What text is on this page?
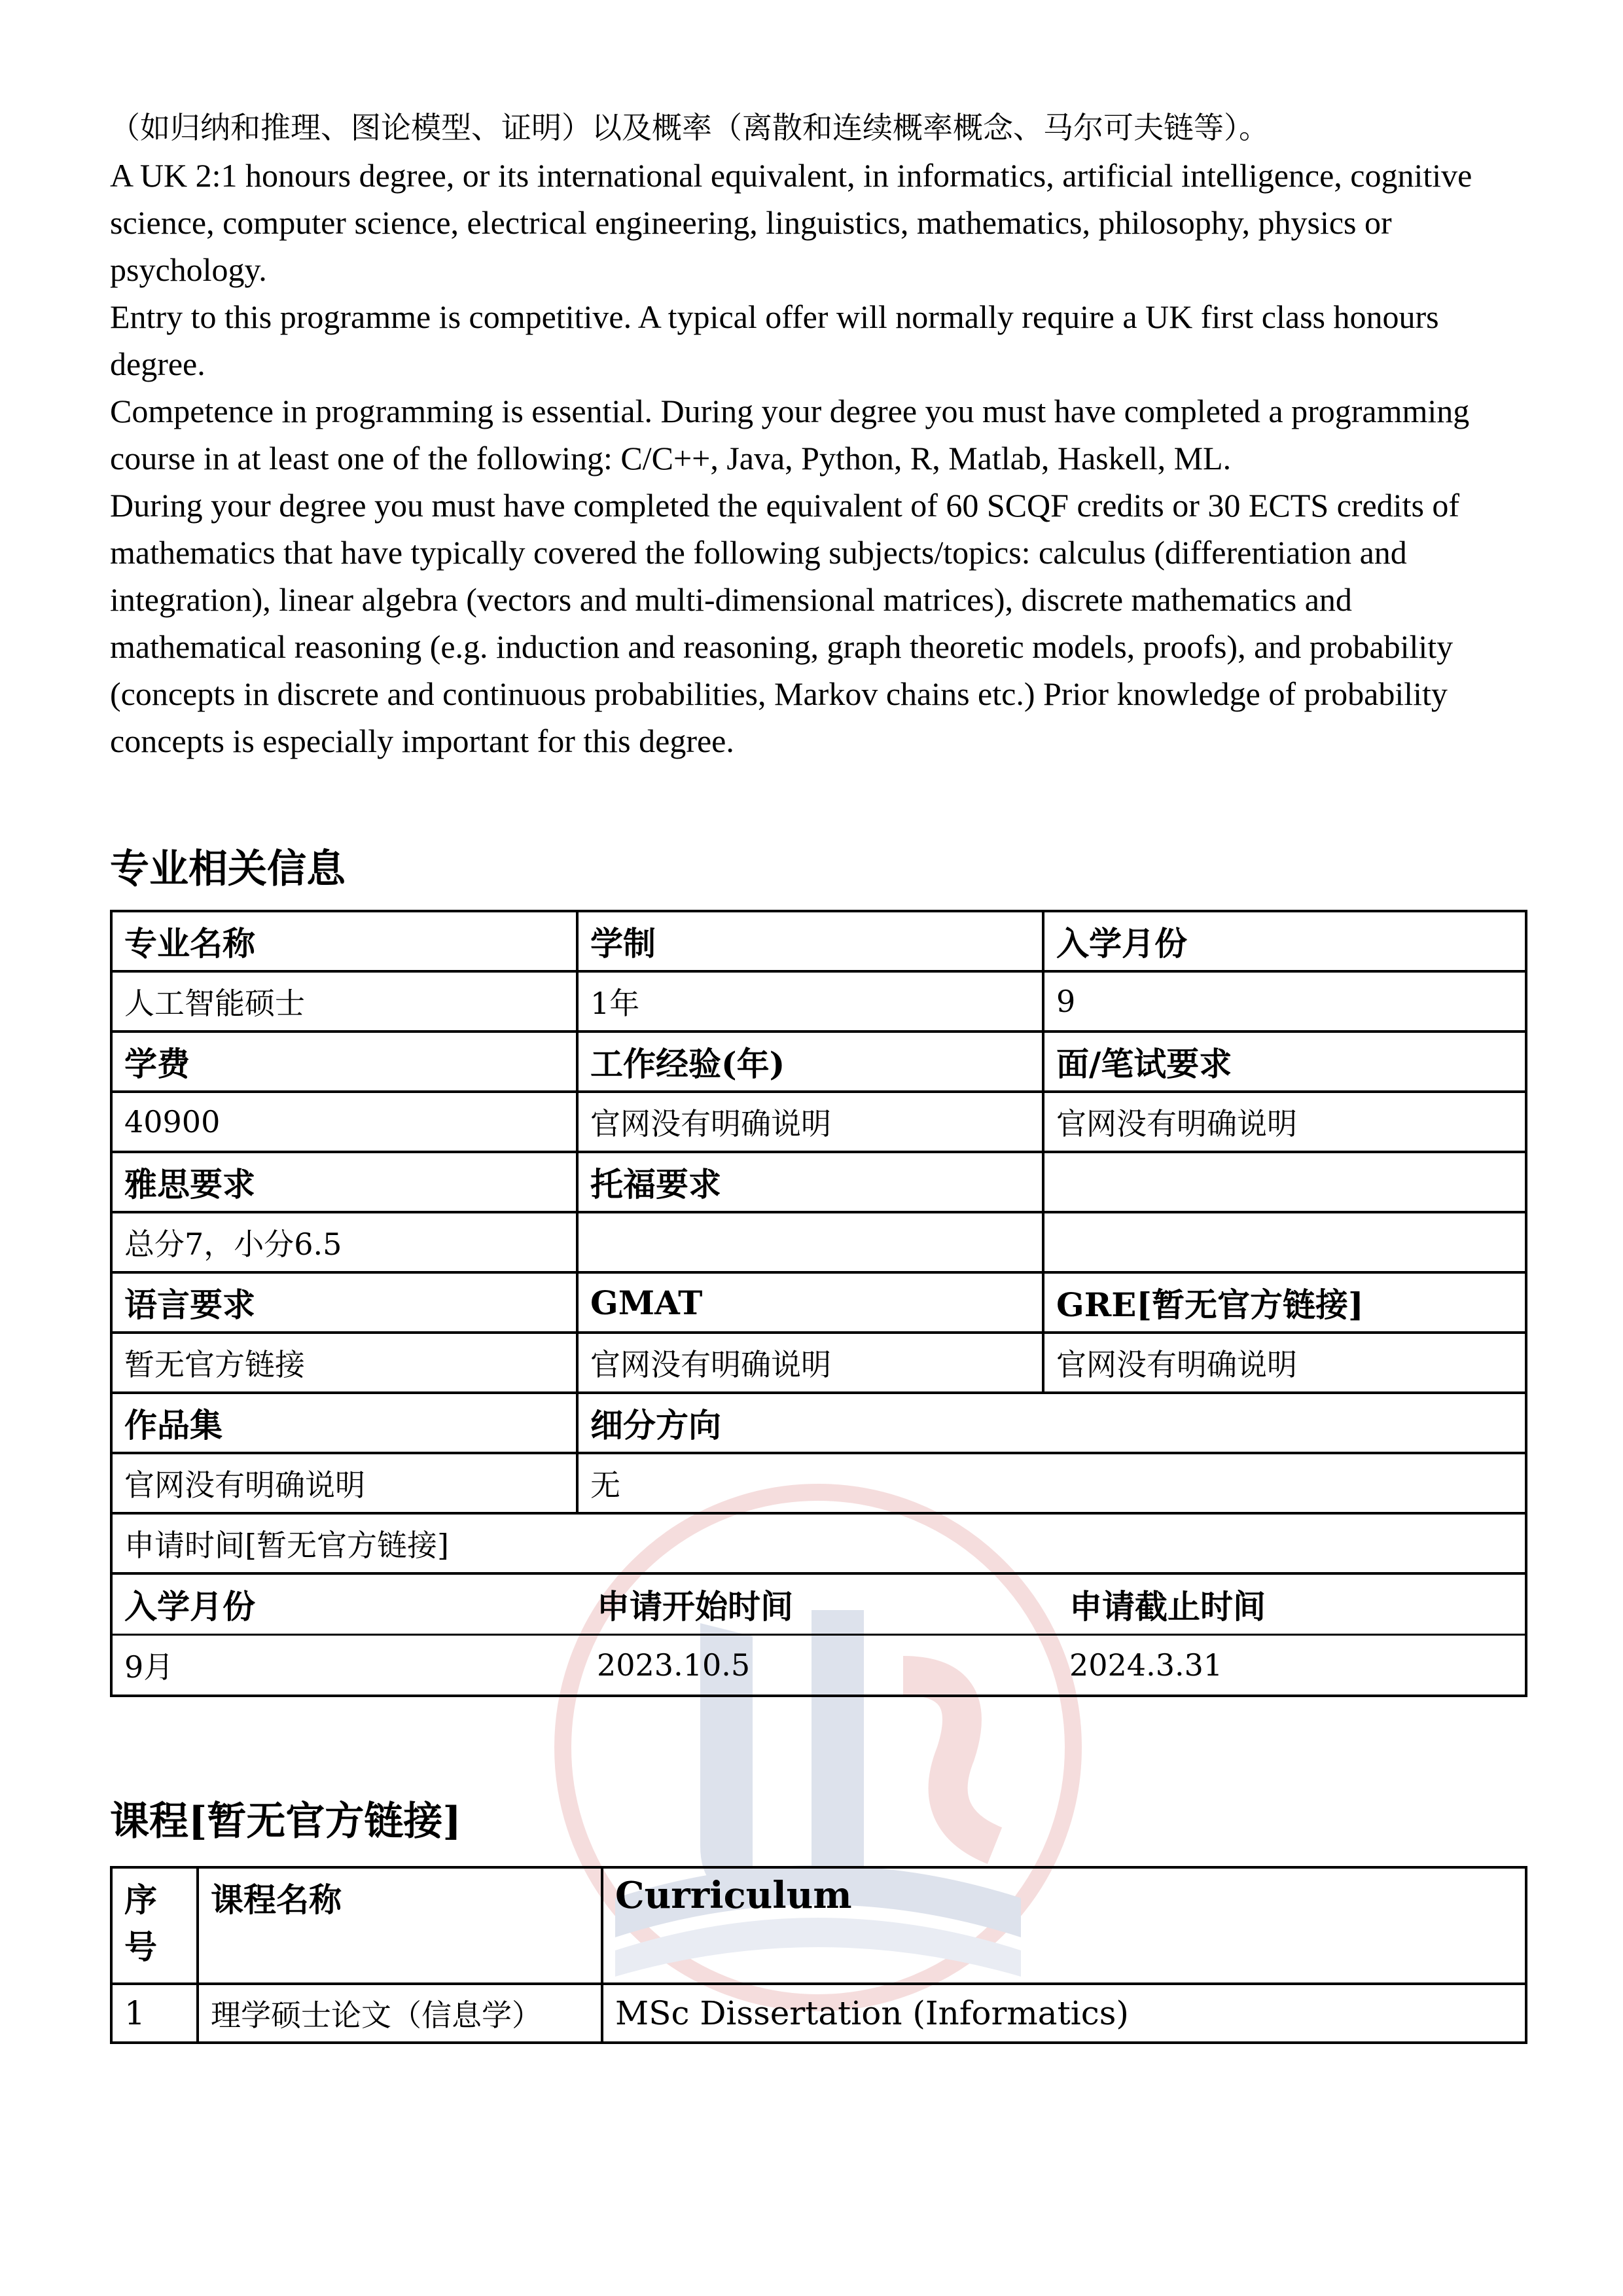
（如归纳和推理、图论模型、证明）以及概率（离散和连续概率概念、马尔可夫链等）。

A UK 2:1 honours degree, or its international equivalent, in informatics, artificial intelligence, cognitive science, computer science, electrical engineering, linguistics, mathematics, philosophy, physics or psychology.

Entry to this programme is competitive. A typical offer will normally require a UK first class honours degree.

Competence in programming is essential. During your degree you must have completed a programming course in at least one of the following: C/C++, Java, Python, R, Matlab, Haskell, ML.

During your degree you must have completed the equivalent of 60 SCQF credits or 30 ECTS credits of mathematics that have typically covered the following subjects/topics: calculus (differentiation and integration), linear algebra (vectors and multi-dimensional matrices), discrete mathematics and mathematical reasoning (e.g. induction and reasoning, graph theoretic models, proofs), and probability (concepts in discrete and continuous probabilities, Markov chains etc.) Prior knowledge of probability concepts is especially important for this degree.

专业相关信息
专业名称	学制	入学月份
人工智能硕士	1年	9
学费	工作经验(年)	面/笔试要求
40900	官网没有明确说明	官网没有明确说明
雅思要求	托福要求	
总分7，小分6.5		
语言要求	GMAT	GRE[暂无官方链接]
暂无官方链接	官网没有明确说明	官网没有明确说明
作品集	细分方向
官网没有明确说明	无
申请时间[暂无官方链接]

入学月份	申请开始时间	申请截止时间
9月	2023.10.5	2024.3.31
课程[暂无官方链接]
序号	课程名称	Curriculum
1	理学硕士论文（信息学）	MSc Dissertation (Informatics)
